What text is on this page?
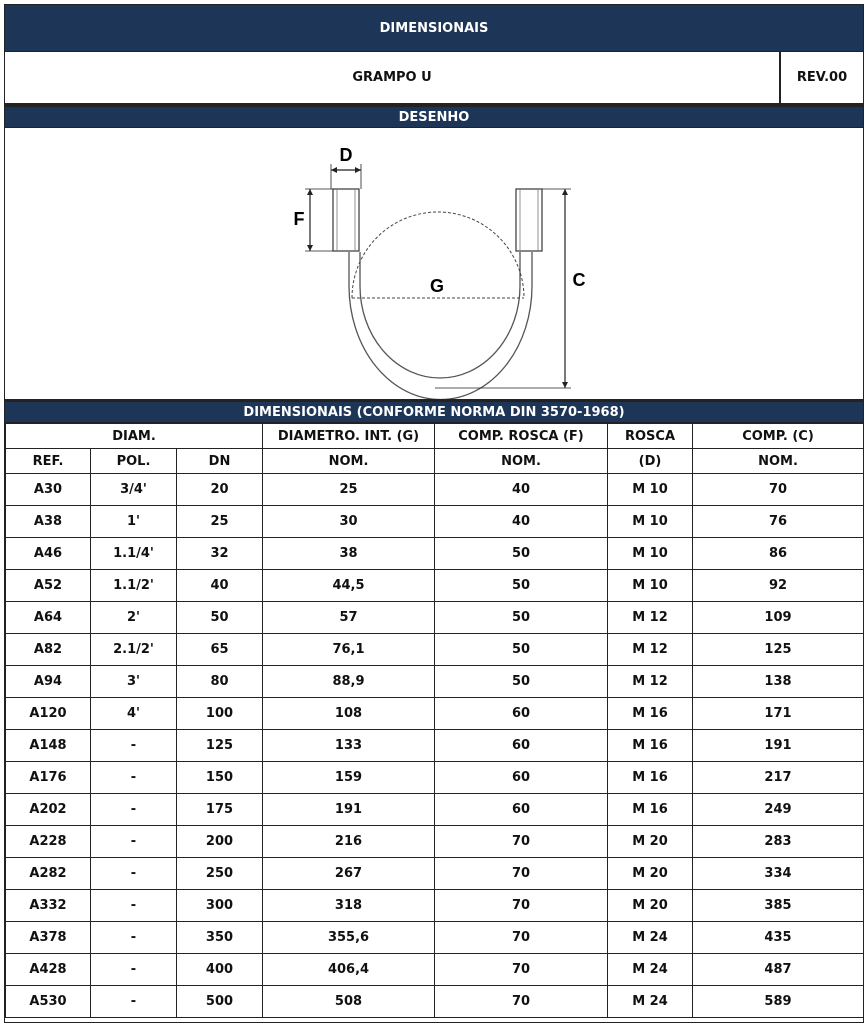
DIMENSIONAIS
GRAMPO U	REV.00
DESENHO
D
F
G	C
DIMENSIONAIS (CONFORME NORMA DIN 3570-1968)
DIAM.			DIAMETRO. INT. (G)	COMP. ROSCA (F)	ROSCA	COMP. (C)
REF.	POL.	DN	NOM.	NOM.	(D)	NOM.
A30	3/4'	20	25	40	M 10	70
A38	1'	25	30	40	M 10	76
A46	1.1/4'	32	38	50	M 10	86
A52	1.1/2'	40	44,5	50	M 10	92
A64	2'	50	57	50	M 12	109
A82	2.1/2'	65	76,1	50	M 12	125
A94	3'	80	88,9	50	M 12	138
A120	4'	100	108	60	M 16	171
A148	-	125	133	60	M 16	191
A176	-	150	159	60	M 16	217
A202	-	175	191	60	M 16	249
A228	-	200	216	70	M 20	283
A282	-	250	267	70	M 20	334
A332	-	300	318	70	M 20	385
A378	-	350	355,6	70	M 24	435
A428	-	400	406,4	70	M 24	487
A530	-	500	508	70	M 24	589
